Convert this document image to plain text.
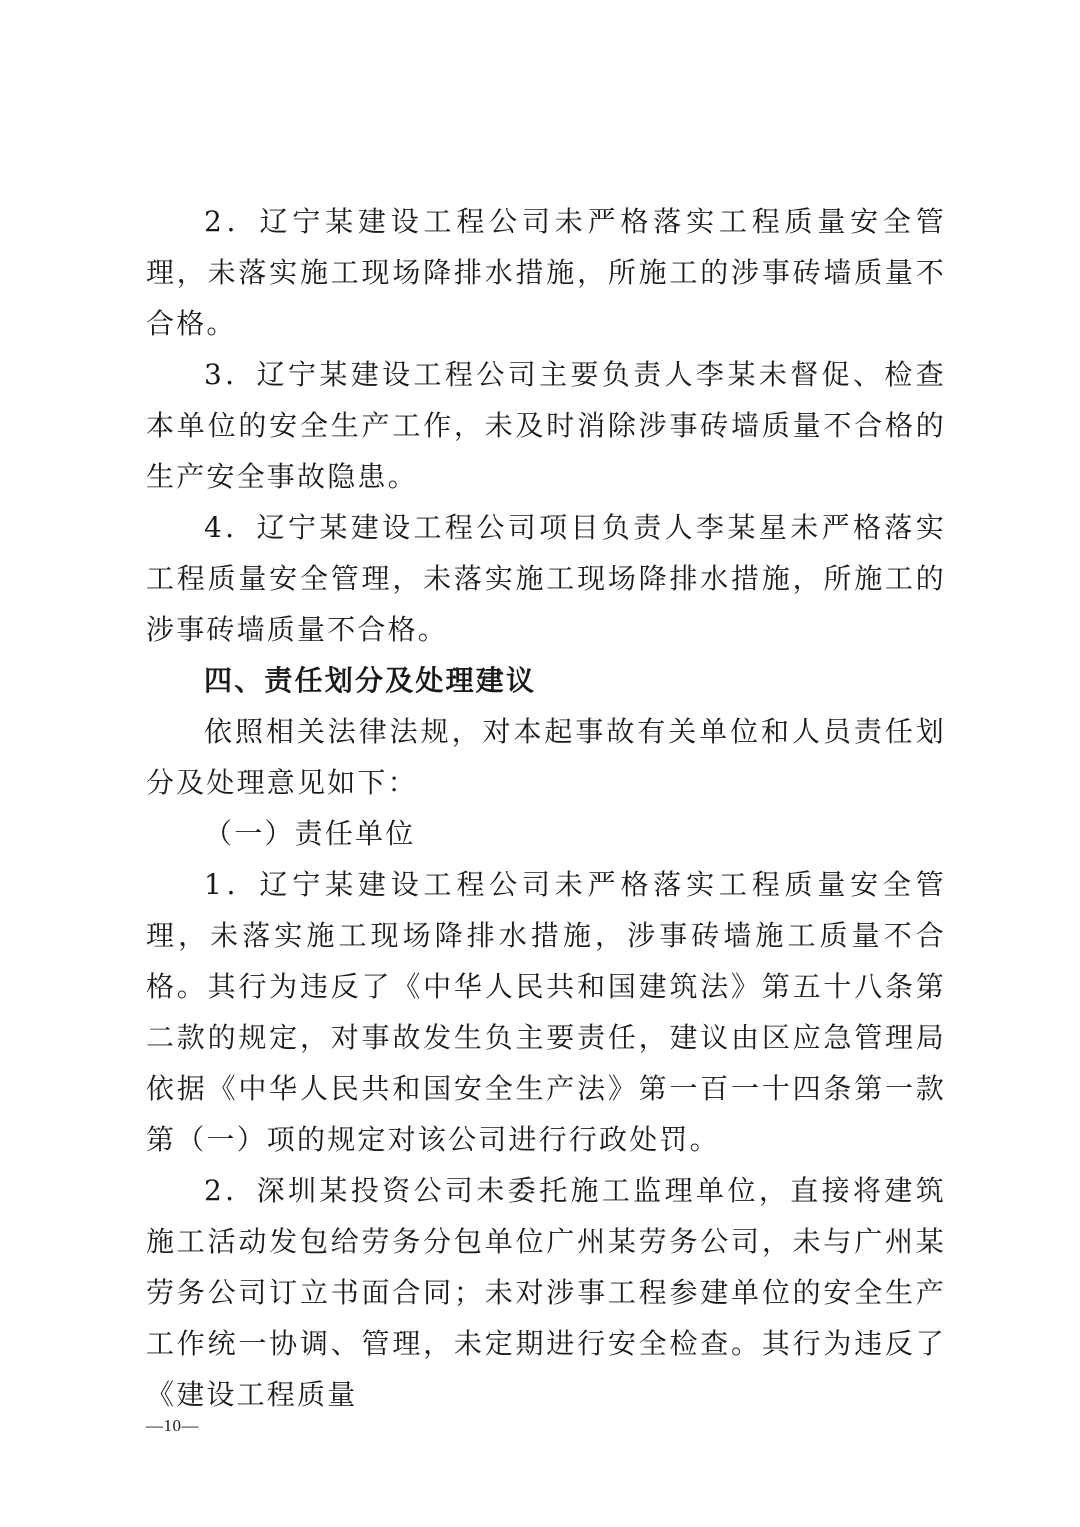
2．辽宁某建设工程公司未严格落实工程质量安全管理，未落实施工现场降排水措施，所施工的涉事砖墙质量不合格。

3．辽宁某建设工程公司主要负责人李某未督促、检查本单位的安全生产工作，未及时消除涉事砖墙质量不合格的生产安全事故隐患。

4．辽宁某建设工程公司项目负责人李某星未严格落实工程质量安全管理，未落实施工现场降排水措施，所施工的涉事砖墙质量不合格。

四、责任划分及处理建议

依照相关法律法规，对本起事故有关单位和人员责任划分及处理意见如下：

（一）责任单位

1．辽宁某建设工程公司未严格落实工程质量安全管理，未落实施工现场降排水措施，涉事砖墙施工质量不合格。其行为违反了《中华人民共和国建筑法》第五十八条第二款的规定，对事故发生负主要责任，建议由区应急管理局依据《中华人民共和国安全生产法》第一百一十四条第一款第（一）项的规定对该公司进行行政处罚。

2．深圳某投资公司未委托施工监理单位，直接将建筑施工活动发包给劳务分包单位广州某劳务公司，未与广州某劳务公司订立书面合同；未对涉事工程参建单位的安全生产工作统一协调、管理，未定期进行安全检查。其行为违反了《建设工程质量

—10—
